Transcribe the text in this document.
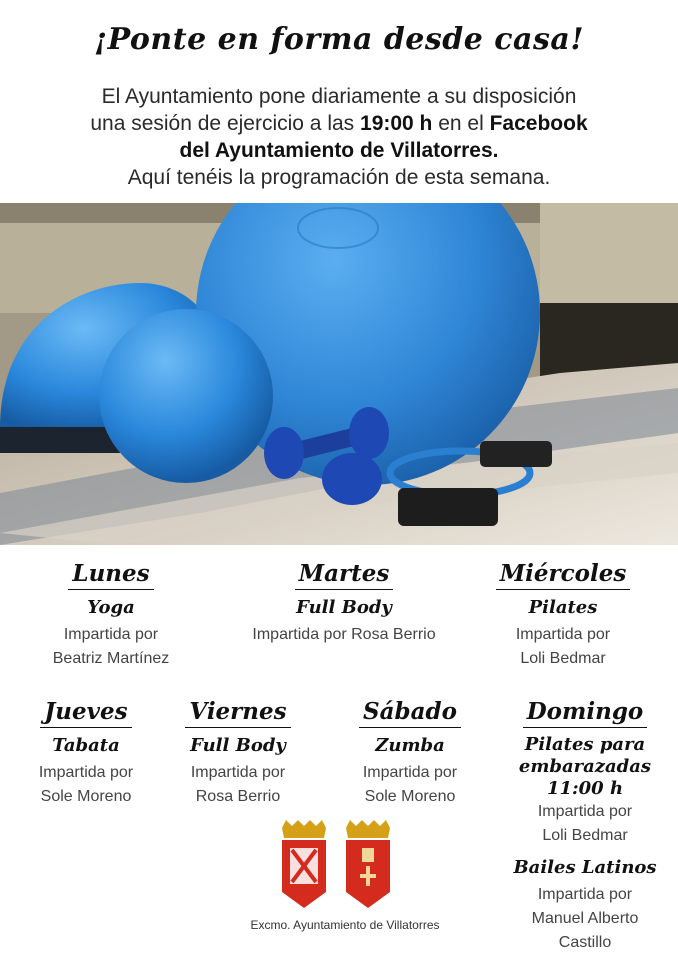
¡Ponte en forma desde casa!
El Ayuntamiento pone diariamente a su disposición
una sesión de ejercicio a las 19:00 h en el Facebook
del Ayuntamiento de Villatorres.
Aquí tenéis la programación de esta semana.
Lunes
Yoga
Impartida por
Beatriz Martínez
Martes
Full Body
Impartida por Rosa Berrio
Miércoles
Pilates
Impartida por
Loli Bedmar
Jueves
Tabata
Impartida por
Sole Moreno
Viernes
Full Body
Impartida por
Rosa Berrio
Sábado
Zumba
Impartida por
Sole Moreno
Domingo
Pilates para
embarazadas
11:00 h
Impartida por
Loli Bedmar
Bailes Latinos
Impartida por
Manuel Alberto
Castillo
Excmo. Ayuntamiento de Villatorres
